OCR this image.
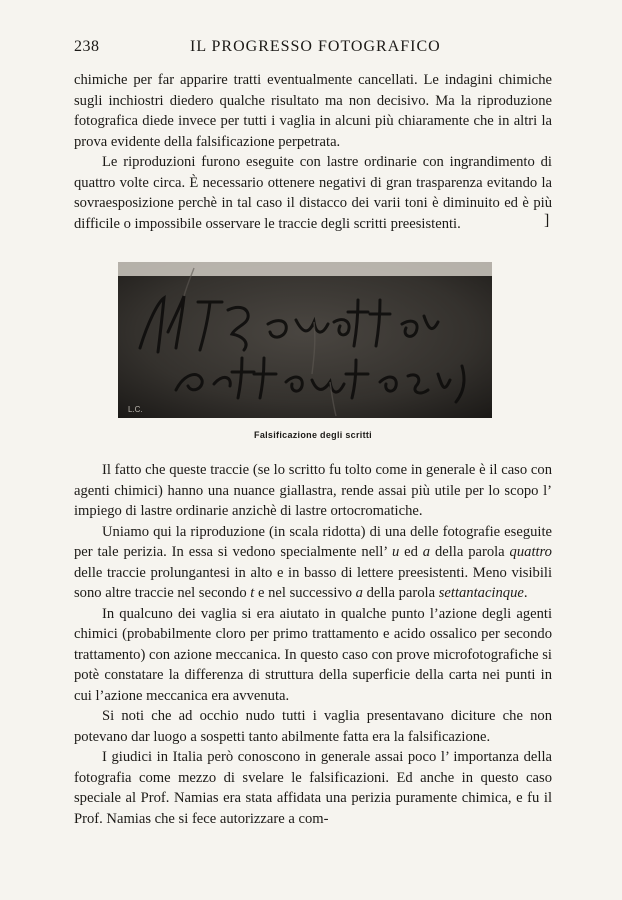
238	IL PROGRESSO FOTOGRAFICO

chimiche per far apparire tratti eventualmente cancellati. Le indagini chimiche sugli inchiostri diedero qualche risultato ma non decisivo. Ma la riproduzione fotografica diede invece per tutti i vaglia in alcuni più chiaramente che in altri la prova evidente della falsificazione perpetrata.

Le riproduzioni furono eseguite con lastre ordinarie con ingrandimento di quattro volte circa. È necessario ottenere negativi di gran trasparenza evitando la sovraesposizione perchè in tal caso il distacco dei varii toni è diminuito ed è più difficile o impossibile osservare le traccie degli scritti preesistenti.	]
L.C.
Falsificazione degli scritti

Il fatto che queste traccie (se lo scritto fu tolto come in generale è il caso con agenti chimici) hanno una nuance giallastra, rende assai più utile per lo scopo l’ impiego di lastre ordinarie anzichè di lastre ortocromatiche.

Uniamo qui la riproduzione (in scala ridotta) di una delle fotografie eseguite per tale perizia. In essa si vedono specialmente nell’ u ed a della parola quattro delle traccie prolungantesi in alto e in basso di lettere preesistenti. Meno visibili sono altre traccie nel secondo t e nel successivo a della parola settantacinque.

In qualcuno dei vaglia si era aiutato in qualche punto l’azione degli agenti chimici (probabilmente cloro per primo trattamento e acido ossalico per secondo trattamento) con azione meccanica. In questo caso con prove microfotografiche si potè constatare la differenza di struttura della superficie della carta nei punti in cui l’azione meccanica era avvenuta.

Si noti che ad occhio nudo tutti i vaglia presentavano diciture che non potevano dar luogo a sospetti tanto abilmente fatta era la falsificazione.

I giudici in Italia però conoscono in generale assai poco l’ importanza della fotografia come mezzo di svelare le falsificazioni. Ed anche in questo caso speciale al Prof. Namias era stata affidata una perizia puramente chimica, e fu il Prof. Namias che si fece autorizzare a com-
